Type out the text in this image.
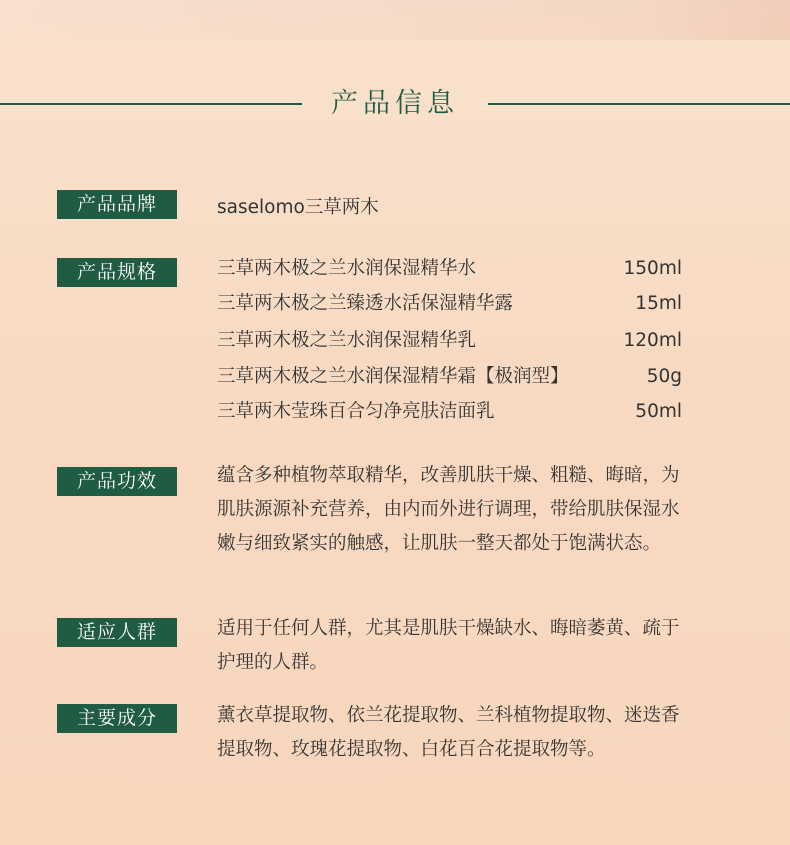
产品信息
产品品牌	saselomo三草两木
产品规格	三草两木极之兰水润保湿精华水	150ml
三草两木极之兰臻透水活保湿精华露	15ml
三草两木极之兰水润保湿精华乳	120ml
三草两木极之兰水润保湿精华霜【极润型】	50g
三草两木莹珠百合匀净亮肤洁面乳	50ml
产品功效	蕴含多种植物萃取精华，改善肌肤干燥、粗糙、晦暗，为
肌肤源源补充营养，由内而外进行调理，带给肌肤保湿水
嫩与细致紧实的触感，让肌肤一整天都处于饱满状态。
适应人群	适用于任何人群，尤其是肌肤干燥缺水、晦暗萎黄、疏于
护理的人群。
主要成分	薰衣草提取物、依兰花提取物、兰科植物提取物、迷迭香
提取物、玫瑰花提取物、白花百合花提取物等。
